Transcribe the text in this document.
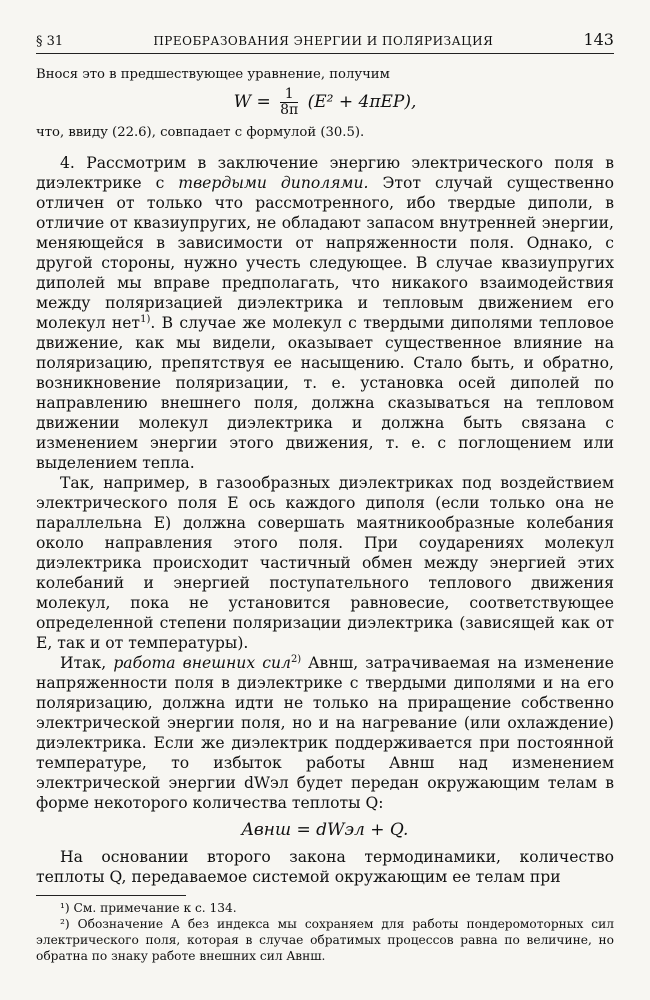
§ 31	ПРЕОБРАЗОВАНИЯ ЭНЕРГИИ И ПОЛЯРИЗАЦИЯ	143
Внося это в предшествующее уравнение, получим
$W = \frac{1}{8\pi} (E^2 + 4\pi EP)$,
что, ввиду (22.6), совпадает с формулой (30.5).

4. Рассмотрим в заключение энергию электрического поля в диэлектрике с твердыми диполями. Этот случай существенно отличен от только что рассмотренного, ибо твердые диполи, в отличие от квазиупругих, не обладают запасом внутренней энергии, меняющейся в зависимости от напряженности поля. Однако, с другой стороны, нужно учесть следующее. В случае квазиупругих диполей мы вправе предполагать, что никакого взаимодействия между поляризацией диэлектрика и тепловым движением его молекул нет$^{1)}$. В случае же молекул с твердыми диполями тепловое движение, как мы видели, оказывает существенное влияние на поляризацию, препятствуя ее насыщению. Стало быть, и обратно, возникновение поляризации, т. е. установка осей диполей по направлению внешнего поля, должна сказываться на тепловом движении молекул диэлектрика и должна быть связана с изменением энергии этого движения, т. е. с поглощением или выделением тепла.

Так, например, в газообразных диэлектриках под воздействием электрического поля E ось каждого диполя (если только она не параллельна E) должна совершать маятникообразные колебания около направления этого поля. При соударениях молекул диэлектрика происходит частичный обмен между энергией этих колебаний и энергией поступательного теплового движения молекул, пока не установится равновесие, соответствующее определенной степени поляризации диэлектрика (зависящей как от E, так и от температуры).

Итак, работа внешних сил$^{2)}$ Aвнш, затрачиваемая на изменение напряженности поля в диэлектрике с твердыми диполями и на его поляризацию, должна идти не только на приращение собственно электрической энергии поля, но и на нагревание (или охлаждение) диэлектрика. Если же диэлектрик поддерживается при постоянной температуре, то избыток работы Aвнш над изменением электрической энергии dWэл будет передан окружающим телам в форме некоторого количества теплоты Q:

Aвнш = dWэл + Q.

На основании второго закона термодинамики, количество теплоты Q, передаваемое системой окружающим ее телам при

¹) См. примечание к с. 134.

²) Обозначение A без индекса мы сохраняем для работы пондеромоторных сил электрического поля, которая в случае обратимых процессов равна по величине, но обратна по знаку работе внешних сил Aвнш.
